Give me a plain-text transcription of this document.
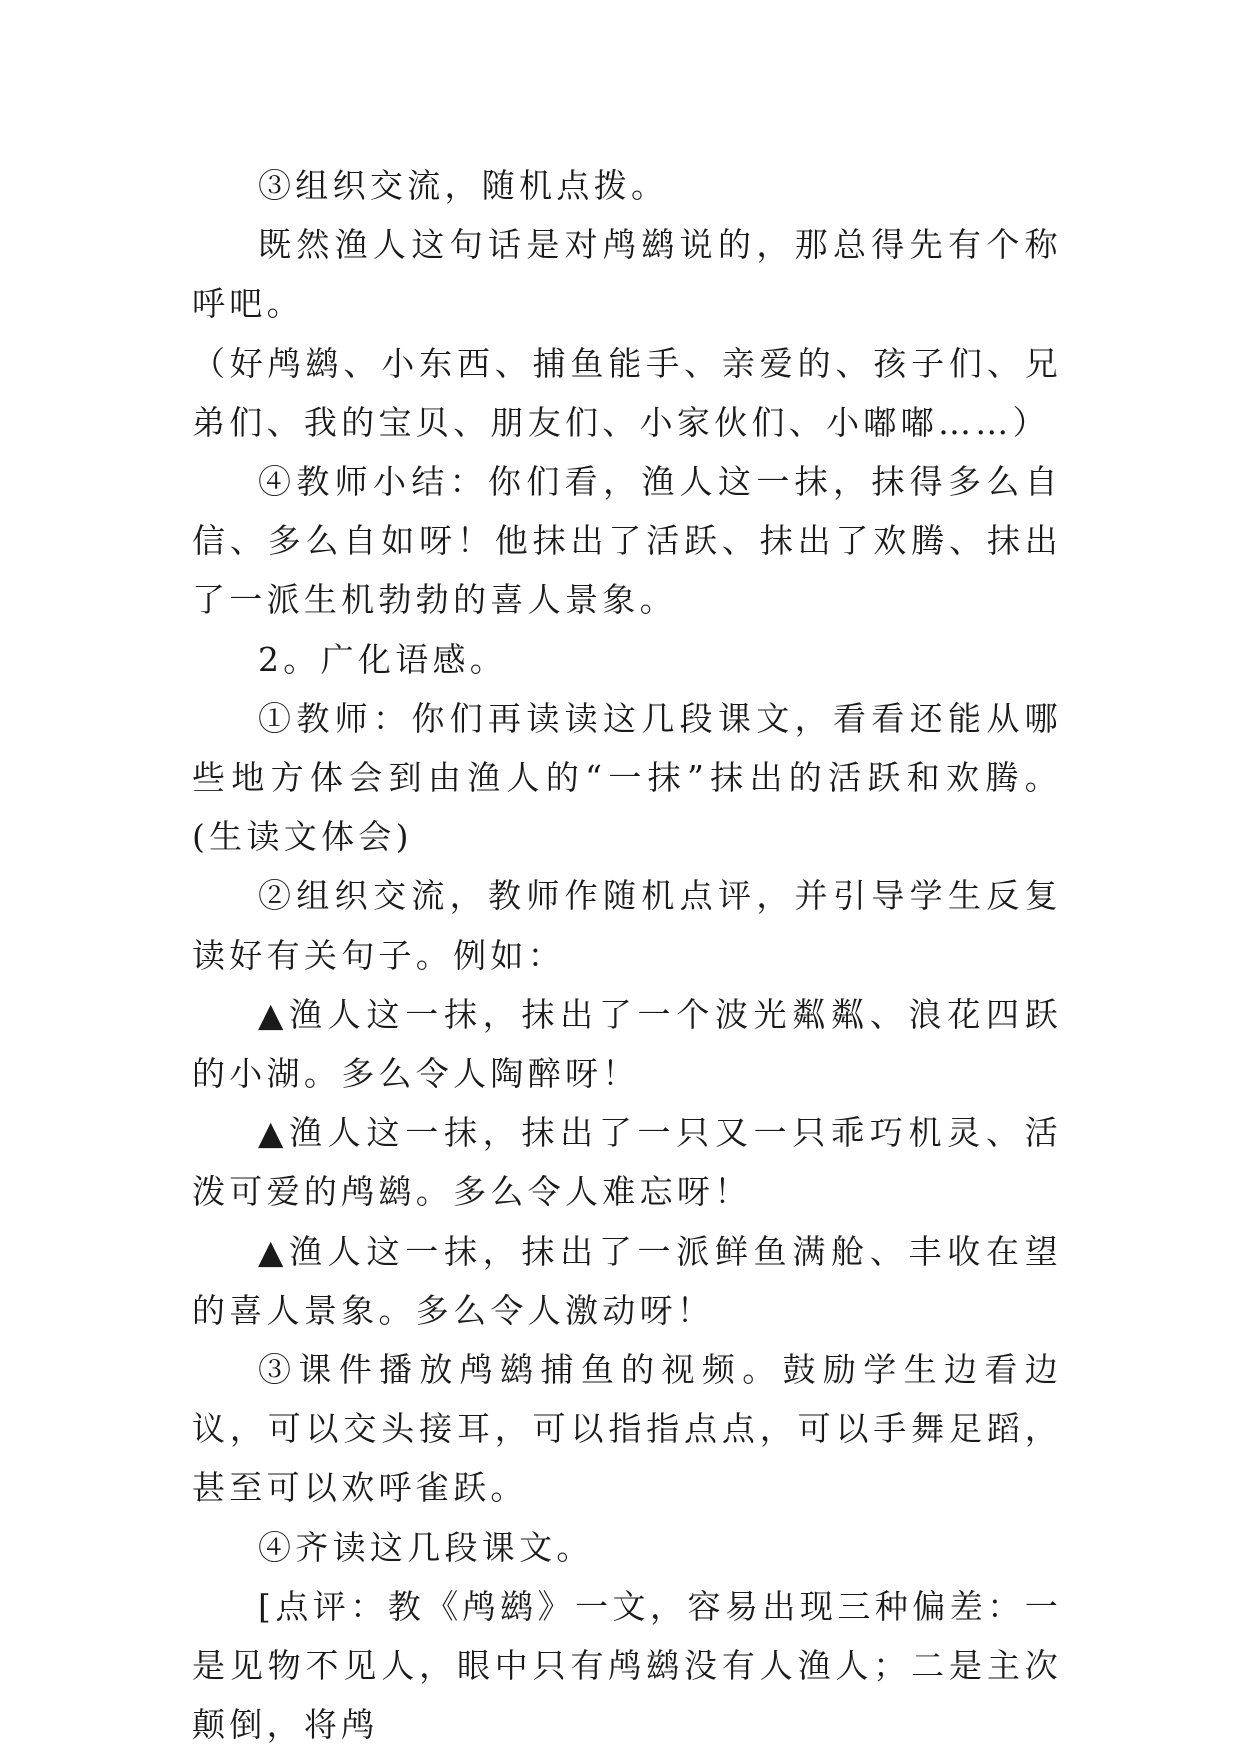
③组织交流，随机点拨。

既然渔人这句话是对鸬鹚说的，那总得先有个称呼吧。

（好鸬鹚、小东西、捕鱼能手、亲爱的、孩子们、兄弟们、我的宝贝、朋友们、小家伙们、小嘟嘟……）

④教师小结：你们看，渔人这一抹，抹得多么自信、多么自如呀！他抹出了活跃、抹出了欢腾、抹出了一派生机勃勃的喜人景象。

2。广化语感。

①教师：你们再读读这几段课文，看看还能从哪些地方体会到由渔人的“一抹”抹出的活跃和欢腾。(生读文体会)

②组织交流，教师作随机点评，并引导学生反复读好有关句子。例如：

▲渔人这一抹，抹出了一个波光粼粼、浪花四跃的小湖。多么令人陶醉呀！

▲渔人这一抹，抹出了一只又一只乖巧机灵、活泼可爱的鸬鹚。多么令人难忘呀！

▲渔人这一抹，抹出了一派鲜鱼满舱、丰收在望的喜人景象。多么令人激动呀！

③课件播放鸬鹚捕鱼的视频。鼓励学生边看边议，可以交头接耳，可以指指点点，可以手舞足蹈，甚至可以欢呼雀跃。

④齐读这几段课文。

[点评：教《鸬鹚》一文，容易出现三种偏差：一是见物不见人，眼中只有鸬鹚没有人渔人；二是主次颠倒，将鸬
